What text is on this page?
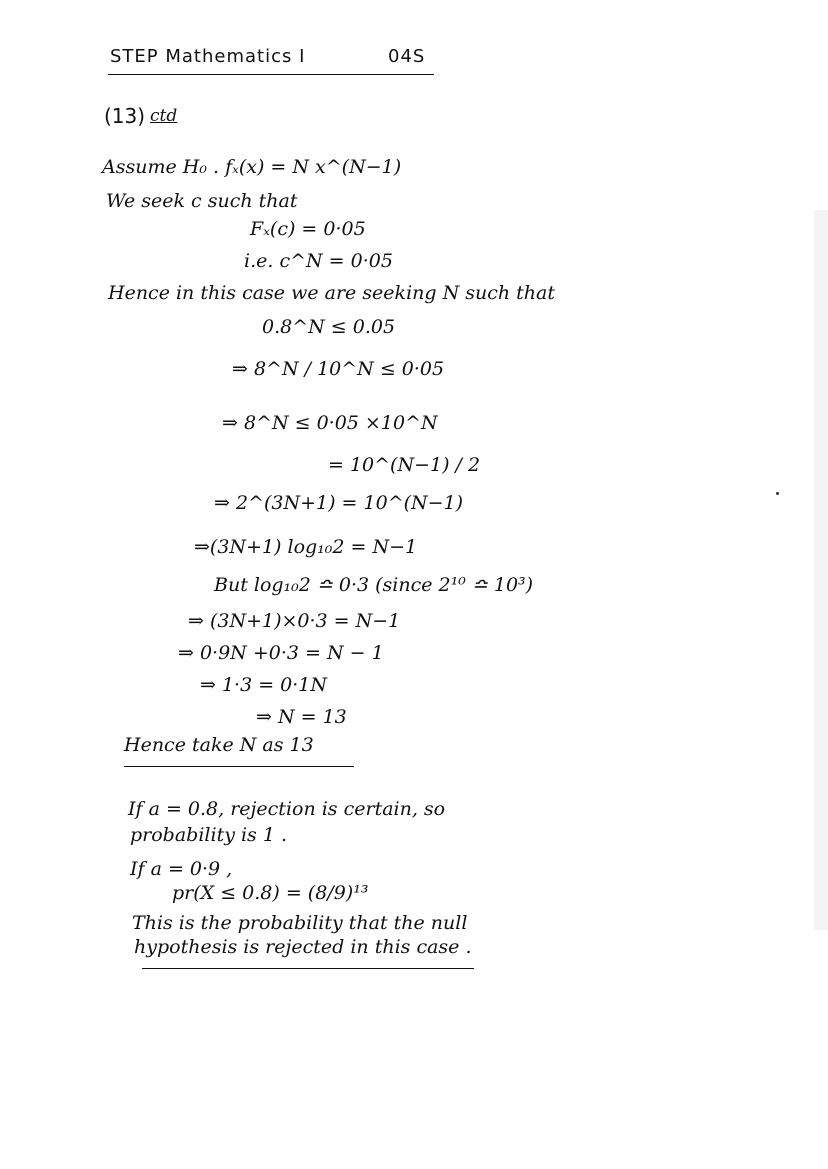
STEP Mathematics I	04S
(13) ctd
Assume H₀ . fₓ(x) = N x^(N−1)
We seek c such that
Fₓ(c) = 0·05
i.e. c^N = 0·05
Hence in this case we are seeking N such that
0.8^N ≤ 0.05
⇒ 8^N / 10^N ≤ 0·05
⇒ 8^N ≤ 0·05 ×10^N
= 10^(N−1) / 2
⇒ 2^(3N+1) = 10^(N−1)
⇒(3N+1) log₁₀2 = N−1
But log₁₀2 ≏ 0·3 (since 2¹⁰ ≏ 10³)
⇒ (3N+1)×0·3 = N−1
⇒ 0·9N +0·3 = N − 1
⇒ 1·3 = 0·1N
⇒ N = 13
Hence take N as 13
If a = 0.8, rejection is certain, so
probability is 1 .
If a = 0·9 ,
pr(X ≤ 0.8) = (8/9)¹³
This is the probability that the null
hypothesis is rejected in this case .
